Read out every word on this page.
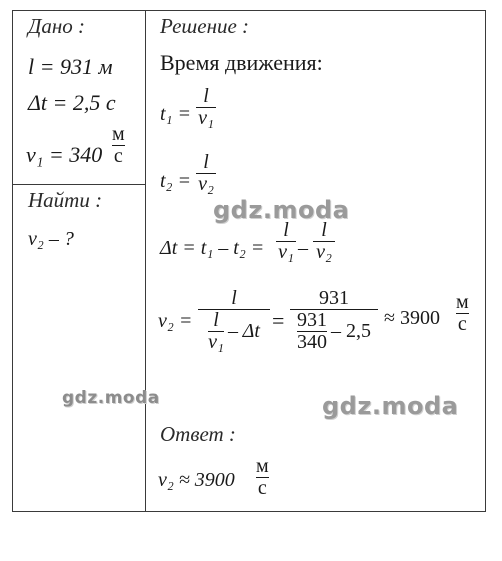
Дано :
l = 931 м
Δt = 2,5 с
v₁ = 340
м
с
Найти :
v₂ – ?
Решение :
Время движения:
t₁ =
l
v₁
t₂ =
l
v₂
Δt = t₁ – t₂ =
l
v₁ –
l
v₂
v₂ =
l
$\frac{l}{\text{v₁}}$ – Δt =
931
$\frac{931}{340} - 2,5$
≈ 3900
м
с
Ответ :
v₂ ≈ 3900
м
с
gdz.moda
gdz.moda	gdz.moda
